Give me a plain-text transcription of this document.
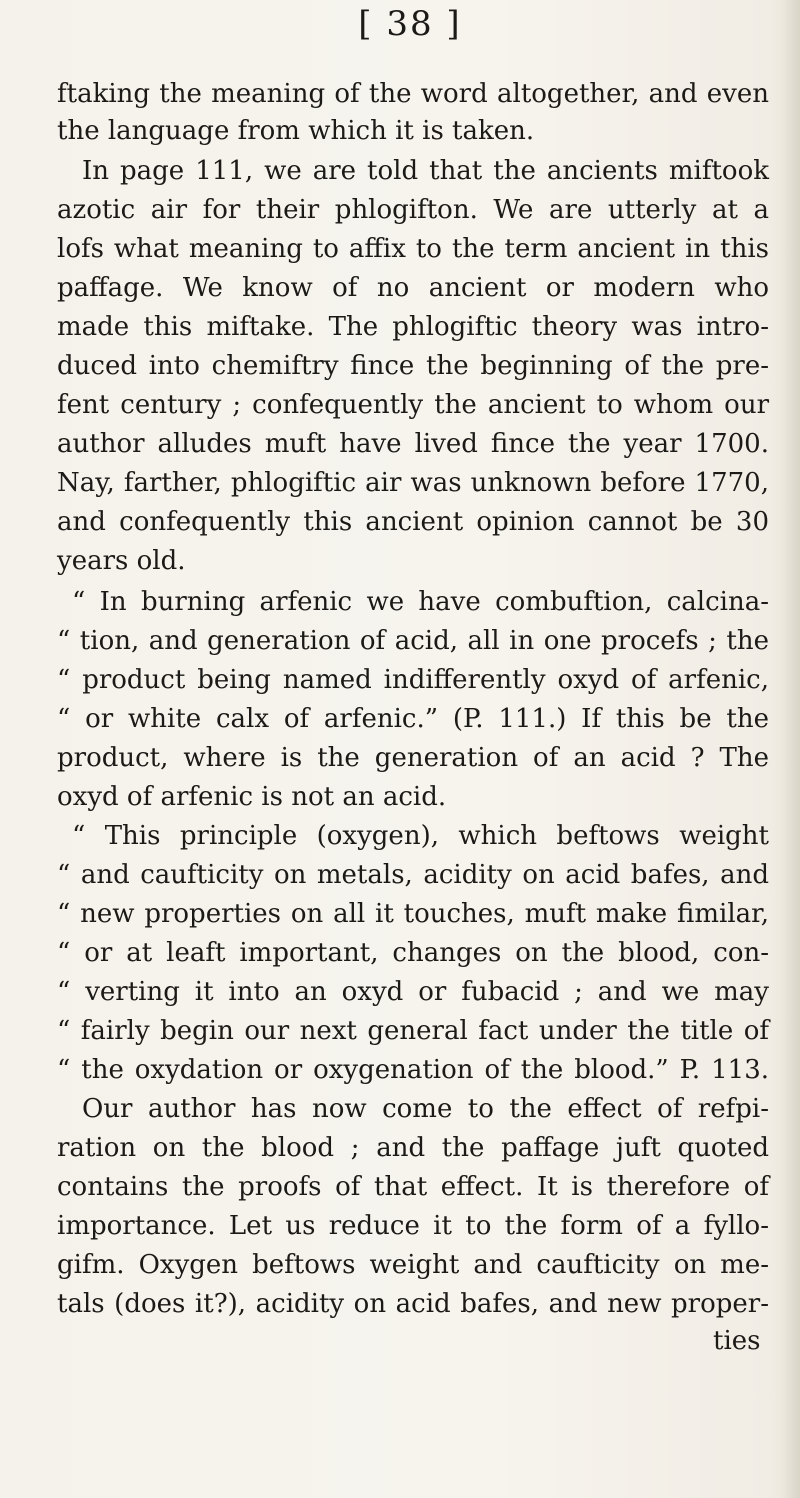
[ 38 ]
ftaking the meaning of the word altogether, and even
the language from which it is taken.
In page 111, we are told that the ancients miftook
azotic air for their phlogifton. We are utterly at a
lofs what meaning to affix to the term ancient in this
paffage. We know of no ancient or modern who
made this miftake. The phlogiftic theory was intro-
duced into chemiftry fince the beginning of the pre-
fent century ; confequently the ancient to whom our
author alludes muft have lived fince the year 1700.
Nay, farther, phlogiftic air was unknown before 1770,
and confequently this ancient opinion cannot be 30
years old.
“ In burning arfenic we have combuftion, calcina-
“ tion, and generation of acid, all in one procefs ; the
“ product being named indifferently oxyd of arfenic,
“ or white calx of arfenic.” (P. 111.) If this be the
product, where is the generation of an acid ? The
oxyd of arfenic is not an acid.
“ This principle (oxygen), which beftows weight
“ and caufticity on metals, acidity on acid bafes, and
“ new properties on all it touches, muft make fimilar,
“ or at leaft important, changes on the blood, con-
“ verting it into an oxyd or fubacid ; and we may
“ fairly begin our next general fact under the title of
“ the oxydation or oxygenation of the blood.” P. 113.
Our author has now come to the effect of refpi-
ration on the blood ; and the paffage juft quoted
contains the proofs of that effect. It is therefore of
importance. Let us reduce it to the form of a fyllo-
gifm. Oxygen beftows weight and caufticity on me-
tals (does it?), acidity on acid bafes, and new proper-
ties
